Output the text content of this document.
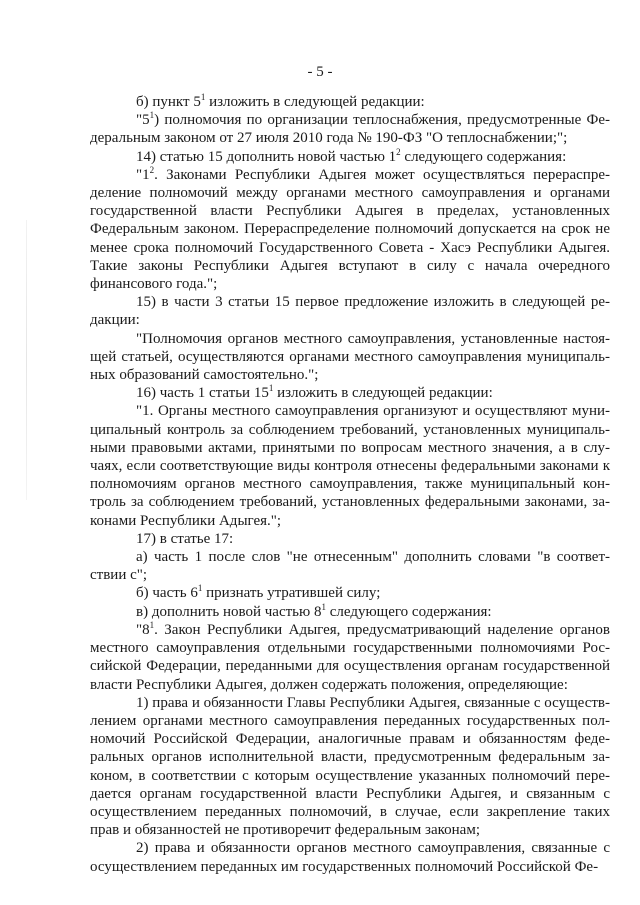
- 5 -

б) пункт $5^1$ изложить в следующей редакции:

"$5^1$) полномочия по организации теплоснабжения, предусмотренные Федеральным законом от 27 июля 2010 года № 190-ФЗ "О теплоснабжении;";

14) статью 15 дополнить новой частью $1^2$ следующего содержания:

"$1^2$. Законами Республики Адыгея может осуществляться перераспределение полномочий между органами местного самоуправления и органами государственной власти Республики Адыгея в пределах, установленных Федеральным законом. Перераспределение полномочий допускается на срок не менее срока полномочий Государственного Совета - Хасэ Республики Адыгея. Такие законы Республики Адыгея вступают в силу с начала очередного финансового года.";

15) в части 3 статьи 15 первое предложение изложить в следующей редакции:

"Полномочия органов местного самоуправления, установленные настоящей статьей, осуществляются органами местного самоуправления муниципальных образований самостоятельно.";

16) часть 1 статьи $15^1$ изложить в следующей редакции:

"1. Органы местного самоуправления организуют и осуществляют муниципальный контроль за соблюдением требований, установленных муниципальными правовыми актами, принятыми по вопросам местного значения, а в случаях, если соответствующие виды контроля отнесены федеральными законами к полномочиям органов местного самоуправления, также муниципальный контроль за соблюдением требований, установленных федеральными законами, законами Республики Адыгея.";

17) в статье 17:

а) часть 1 после слов "не отнесенным" дополнить словами "в соответствии с";

б) часть $6^1$ признать утратившей силу;

в) дополнить новой частью $8^1$ следующего содержания:

"$8^1$. Закон Республики Адыгея, предусматривающий наделение органов местного самоуправления отдельными государственными полномочиями Российской Федерации, переданными для осуществления органам государственной власти Республики Адыгея, должен содержать положения, определяющие:

1) права и обязанности Главы Республики Адыгея, связанные с осуществлением органами местного самоуправления переданных государственных полномочий Российской Федерации, аналогичные правам и обязанностям федеральных органов исполнительной власти, предусмотренным федеральным законом, в соответствии с которым осуществление указанных полномочий передается органам государственной власти Республики Адыгея, и связанным с осуществлением переданных полномочий, в случае, если закрепление таких прав и обязанностей не противоречит федеральным законам;

2) права и обязанности органов местного самоуправления, связанные с осуществлением переданных им государственных полномочий Российской Фе-
